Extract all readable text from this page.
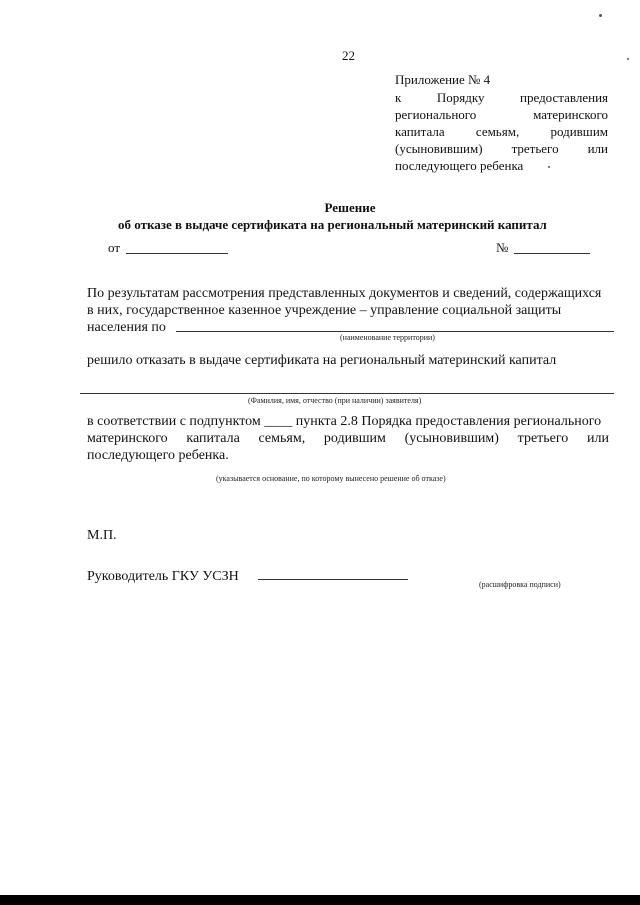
22
Приложение № 4
к Порядку предоставления
регионального материнского
капитала семьям, родившим
(усыновившим) третьего или
последующего ребенка
Решение
об отказе в выдаче сертификата на региональный материнский капитал
от	№
По результатам рассмотрения представленных документов и сведений, содержащихся
в них, государственное казенное учреждение – управление социальной защиты
населения по
(наименование территории)
решило отказать в выдаче сертификата на региональный материнский капитал
(Фамилия, имя, отчество (при наличии) заявителя)
в соответствии с подпунктом ____ пункта 2.8 Порядка предоставления регионального
материнского капитала семьям, родившим (усыновившим) третьего или
последующего ребенка.
(указывается основание, по которому вынесено решение об отказе)
М.П.
Руководитель ГКУ УСЗН
(расшифровка подписи)
